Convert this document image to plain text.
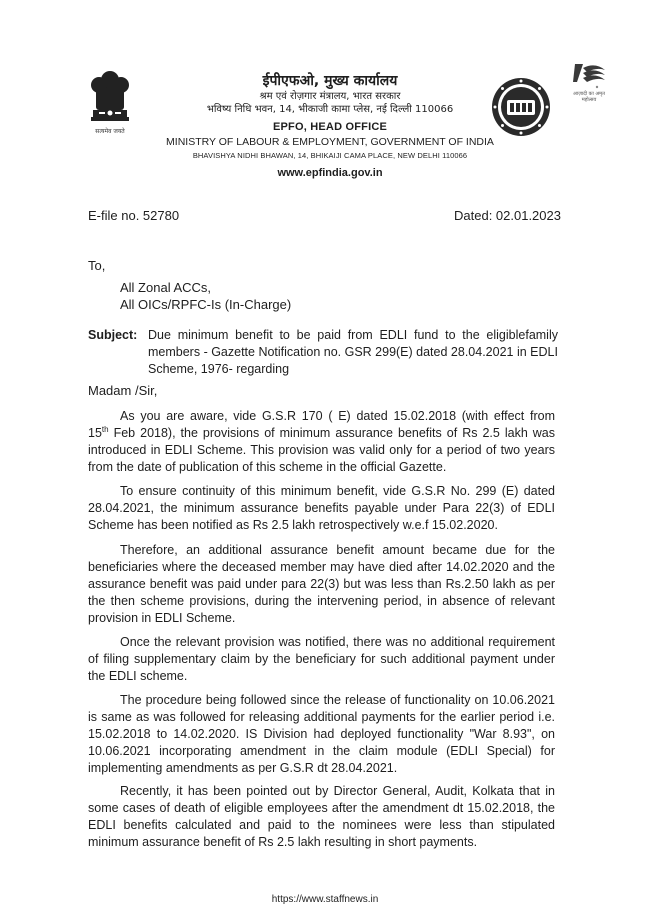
सत्यमेव जयते
ईपीएफओ, मुख्य कार्यालय
श्रम एवं रोज़गार मंत्रालय, भारत सरकार
भविष्य निधि भवन, 14, भीकाजी कामा प्लेस, नई दिल्ली 110066
EPFO, HEAD OFFICE
MINISTRY OF LABOUR & EMPLOYMENT, GOVERNMENT OF INDIA
BHAVISHYA NIDHI BHAWAN, 14, BHIKAIJI CAMA PLACE, NEW DELHI 110066
www.epfindia.gov.in
आज़ादी का अमृत महोत्सव
E-file no. 52780	Dated: 02.01.2023
To,
All Zonal ACCs,
All OICs/RPFC-Is (In-Charge)
Subject: Due minimum benefit to be paid from EDLI fund to the eligiblefamily
members - Gazette Notification no. GSR 299(E) dated 28.04.2021 in EDLI
Scheme, 1976- regarding
Madam /Sir,
As you are aware, vide G.S.R 170 ( E) dated 15.02.2018 (with effect from
15th Feb 2018), the provisions of minimum assurance benefits of Rs 2.5 lakh was
introduced in EDLI Scheme. This provision was valid only for a period of two years
from the date of publication of this scheme in the official Gazette.
To ensure continuity of this minimum benefit, vide G.S.R No. 299 (E) dated
28.04.2021, the minimum assurance benefits payable under Para 22(3) of EDLI
Scheme has been notified as Rs 2.5 lakh retrospectively w.e.f 15.02.2020.
Therefore, an additional assurance benefit amount became due for the
beneficiaries where the deceased member may have died after 14.02.2020 and the
assurance benefit was paid under para 22(3) but was less than Rs.2.50 lakh as per
the then scheme provisions, during the intervening period, in absence of relevant
provision in EDLI Scheme.
Once the relevant provision was notified, there was no additional requirement
of filing supplementary claim by the beneficiary for such additional payment under
the EDLI scheme.
The procedure being followed since the release of functionality on 10.06.2021
is same as was followed for releasing additional payments for the earlier period i.e.
15.02.2018 to 14.02.2020. IS Division had deployed functionality "War 8.93", on
10.06.2021 incorporating amendment in the claim module (EDLI Special) for
implementing amendments as per G.S.R dt 28.04.2021.
Recently, it has been pointed out by Director General, Audit, Kolkata that in
some cases of death of eligible employees after the amendment dt 15.02.2018, the
EDLI benefits calculated and paid to the nominees were less than stipulated
minimum assurance benefit of Rs 2.5 lakh resulting in short payments.
https://www.staffnews.in
